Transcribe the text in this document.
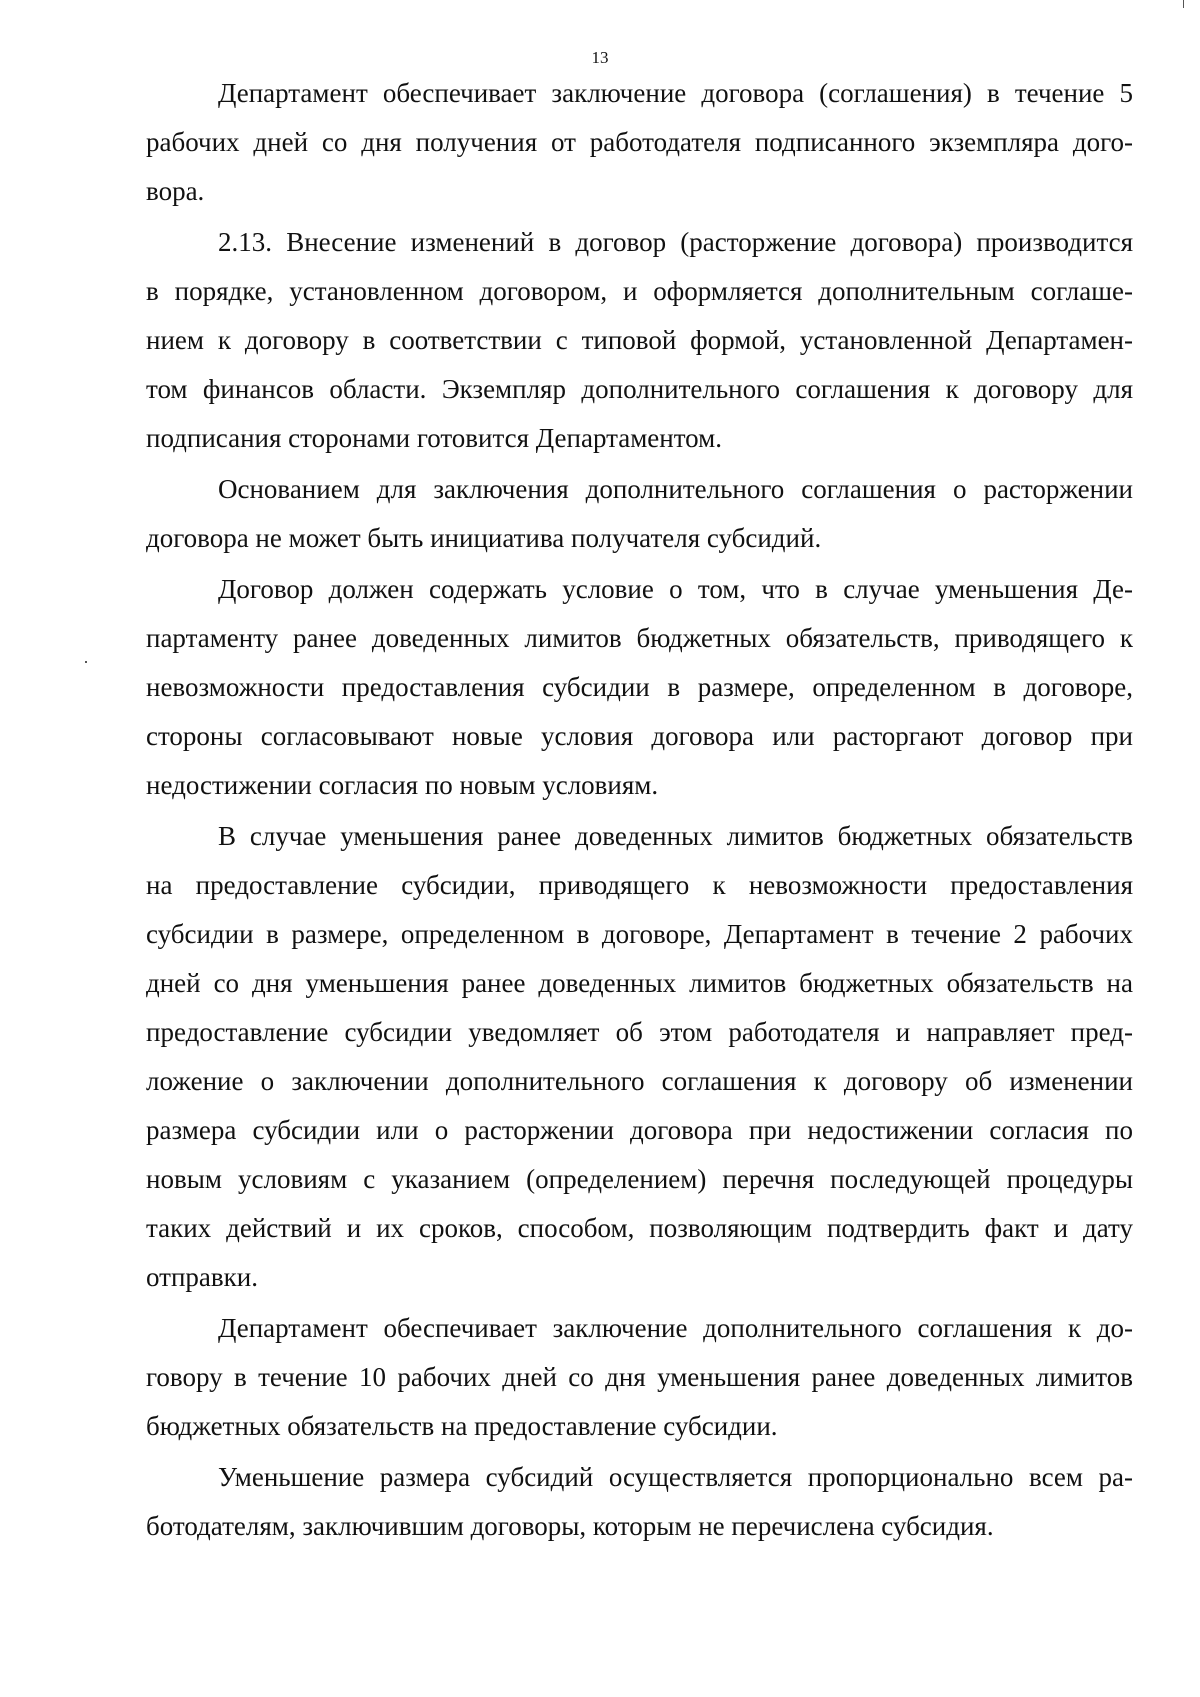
13

Департамент обеспечивает заключение договора (соглашения) в течение 5
рабочих дней со дня получения от работодателя подписанного экземпляра дого-
вора.

2.13. Внесение изменений в договор (расторжение договора) производится
в порядке, установленном договором, и оформляется дополнительным соглаше-
нием к договору в соответствии с типовой формой, установленной Департамен-
том финансов области. Экземпляр дополнительного соглашения к договору для
подписания сторонами готовится Департаментом.

Основанием для заключения дополнительного соглашения о расторжении
договора не может быть инициатива получателя субсидий.

Договор должен содержать условие о том, что в случае уменьшения Де-
партаменту ранее доведенных лимитов бюджетных обязательств, приводящего к
невозможности предоставления субсидии в размере, определенном в договоре,
стороны согласовывают новые условия договора или расторгают договор при
недостижении согласия по новым условиям.

В случае уменьшения ранее доведенных лимитов бюджетных обязательств
на предоставление субсидии, приводящего к невозможности предоставления
субсидии в размере, определенном в договоре, Департамент в течение 2 рабочих
дней со дня уменьшения ранее доведенных лимитов бюджетных обязательств на
предоставление субсидии уведомляет об этом работодателя и направляет пред-
ложение о заключении дополнительного соглашения к договору об изменении
размера субсидии или о расторжении договора при недостижении согласия по
новым условиям с указанием (определением) перечня последующей процедуры
таких действий и их сроков, способом, позволяющим подтвердить факт и дату
отправки.

Департамент обеспечивает заключение дополнительного соглашения к до-
говору в течение 10 рабочих дней со дня уменьшения ранее доведенных лимитов
бюджетных обязательств на предоставление субсидии.

Уменьшение размера субсидий осуществляется пропорционально всем ра-
ботодателям, заключившим договоры, которым не перечислена субсидия.
